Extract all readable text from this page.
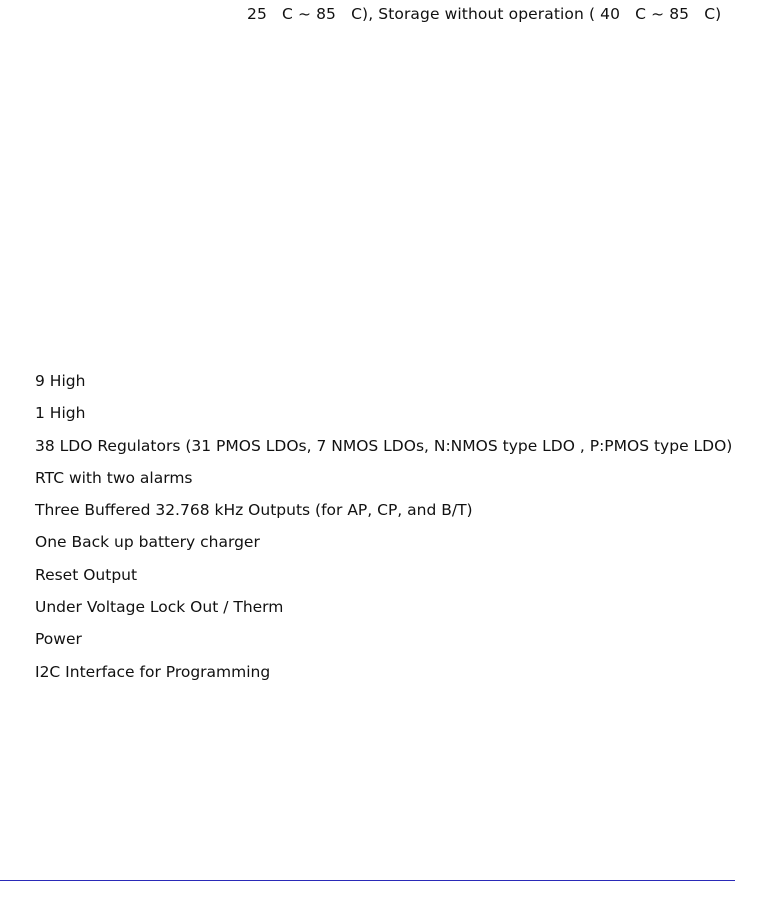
25 C ~ 85 C), Storage without operation ( 40 C ~ 85 C)
9 High
1 High
38 LDO Regulators (31 PMOS LDOs, 7 NMOS LDOs, N:NMOS type LDO , P:PMOS type LDO)
RTC with two alarms
Three Buffered 32.768 kHz Outputs (for AP, CP, and B/T)
One Back up battery charger
Reset Output
Under Voltage Lock Out / Therm
Power
I2C Interface for Programming
